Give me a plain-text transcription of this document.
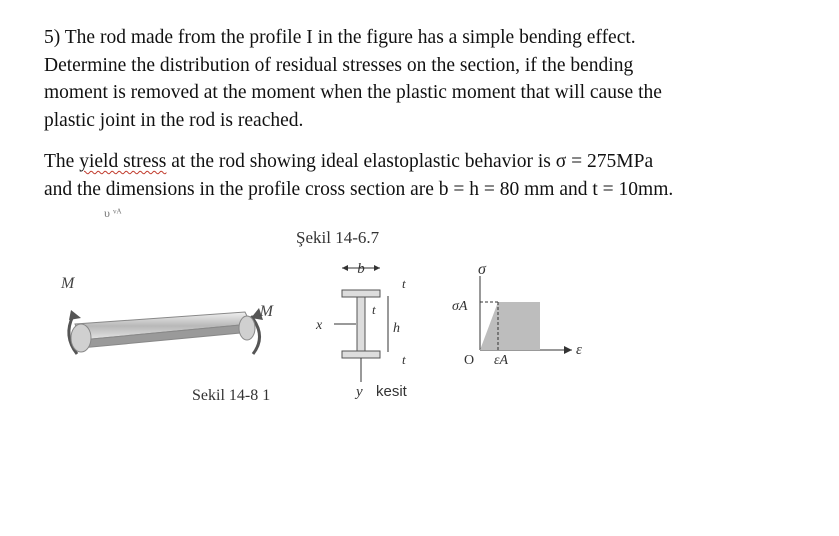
5) The rod made from the profile I in the figure has a simple bending effect.
Determine the distribution of residual stresses on the section, if the bending
moment is removed at the moment when the plastic moment that will cause the
plastic joint in the rod is reached.
The yield stress at the rod showing ideal elastoplastic behavior is σ = 275MPa
and the dimensions in the profile cross section are b = h = 80 mm and t = 10mm.
υ ᵛᴬ
Şekil 14-6.7
Sekil 14-8 1
M
M
b
t
h
t
x
t
y kesit
σ
σA
O εA
ε
